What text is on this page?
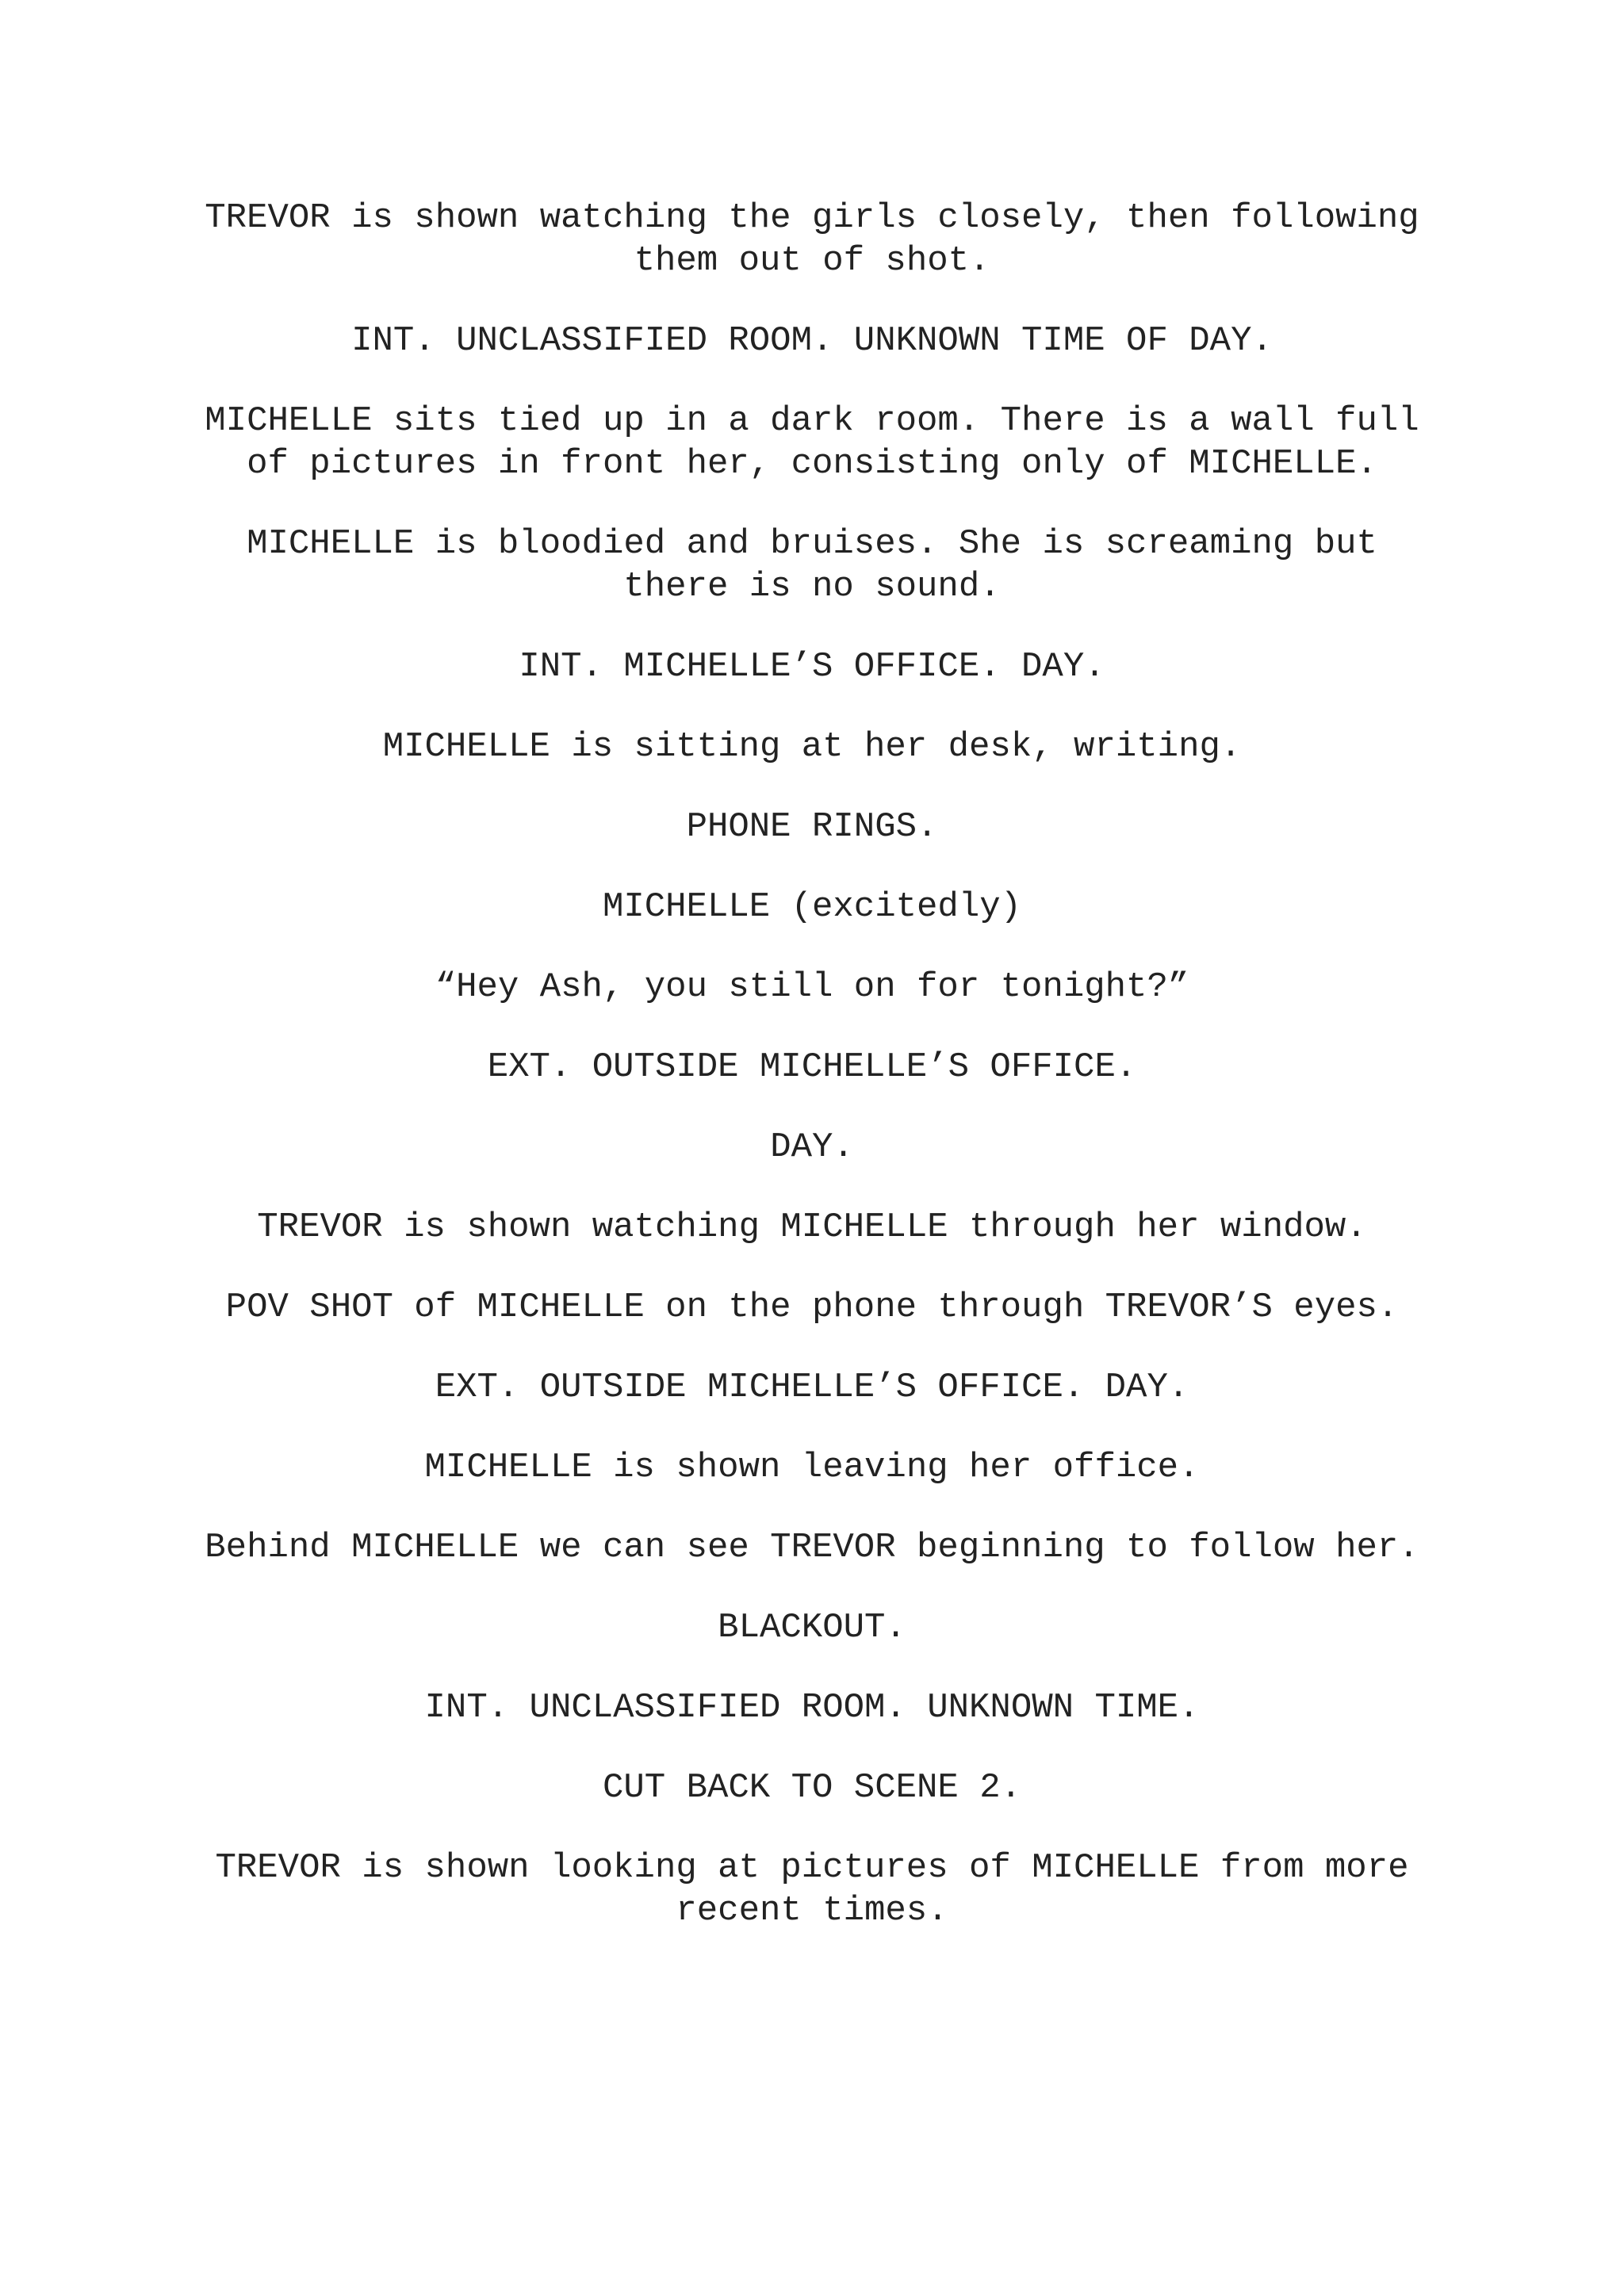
TREVOR is shown watching the girls closely, then following them out of shot.

INT. UNCLASSIFIED ROOM. UNKNOWN TIME OF DAY.

MICHELLE sits tied up in a dark room. There is a wall full of pictures in front her, consisting only of MICHELLE.

MICHELLE is bloodied and bruises. She is screaming but there is no sound.

INT. MICHELLE’S OFFICE. DAY.

MICHELLE is sitting at her desk, writing.

PHONE RINGS.

MICHELLE (excitedly)

“Hey Ash, you still on for tonight?”

EXT. OUTSIDE MICHELLE’S OFFICE.

DAY.

TREVOR is shown watching MICHELLE through her window.

POV SHOT of MICHELLE on the phone through TREVOR’S eyes.

EXT. OUTSIDE MICHELLE’S OFFICE. DAY.

MICHELLE is shown leaving her office.

Behind MICHELLE we can see TREVOR beginning to follow her.

BLACKOUT.

INT. UNCLASSIFIED ROOM. UNKNOWN TIME.

CUT BACK TO SCENE 2.

TREVOR is shown looking at pictures of MICHELLE from more recent times.
